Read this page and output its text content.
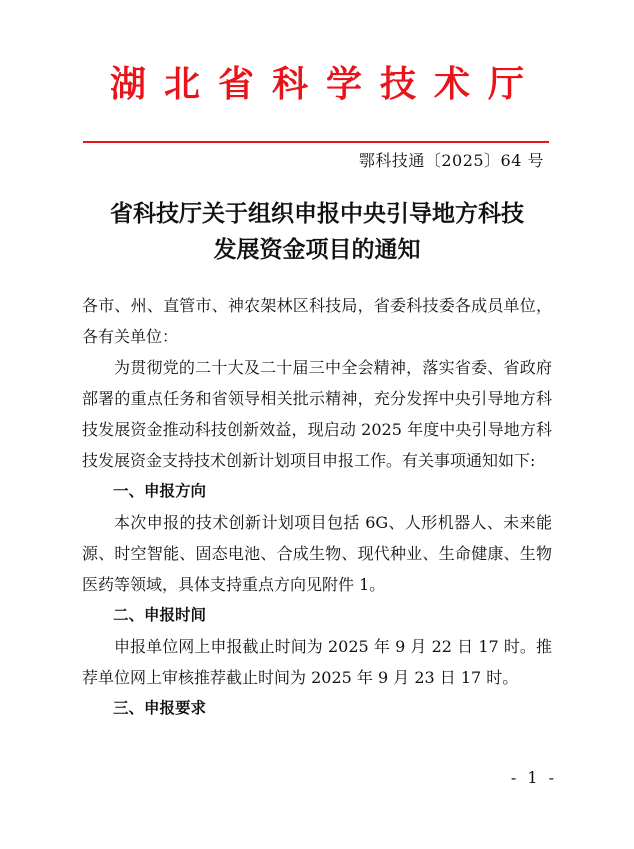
湖北省科学技术厅
鄂科技通〔2025〕64 号
省科技厅关于组织申报中央引导地方科技
发展资金项目的通知

各市、州、直管市、神农架林区科技局，省委科技委各成员单位，各有关单位：

为贯彻党的二十大及二十届三中全会精神，落实省委、省政府部署的重点任务和省领导相关批示精神，充分发挥中央引导地方科技发展资金推动科技创新效益，现启动 2025 年度中央引导地方科技发展资金支持技术创新计划项目申报工作。有关事项通知如下:

一、申报方向

本次申报的技术创新计划项目包括 6G、人形机器人、未来能源、时空智能、固态电池、合成生物、现代种业、生命健康、生物医药等领域，具体支持重点方向见附件 1。

二、申报时间

申报单位网上申报截止时间为 2025 年 9 月 22 日 17 时。推荐单位网上审核推荐截止时间为 2025 年 9 月 23 日 17 时。

三、申报要求

- 1 -
